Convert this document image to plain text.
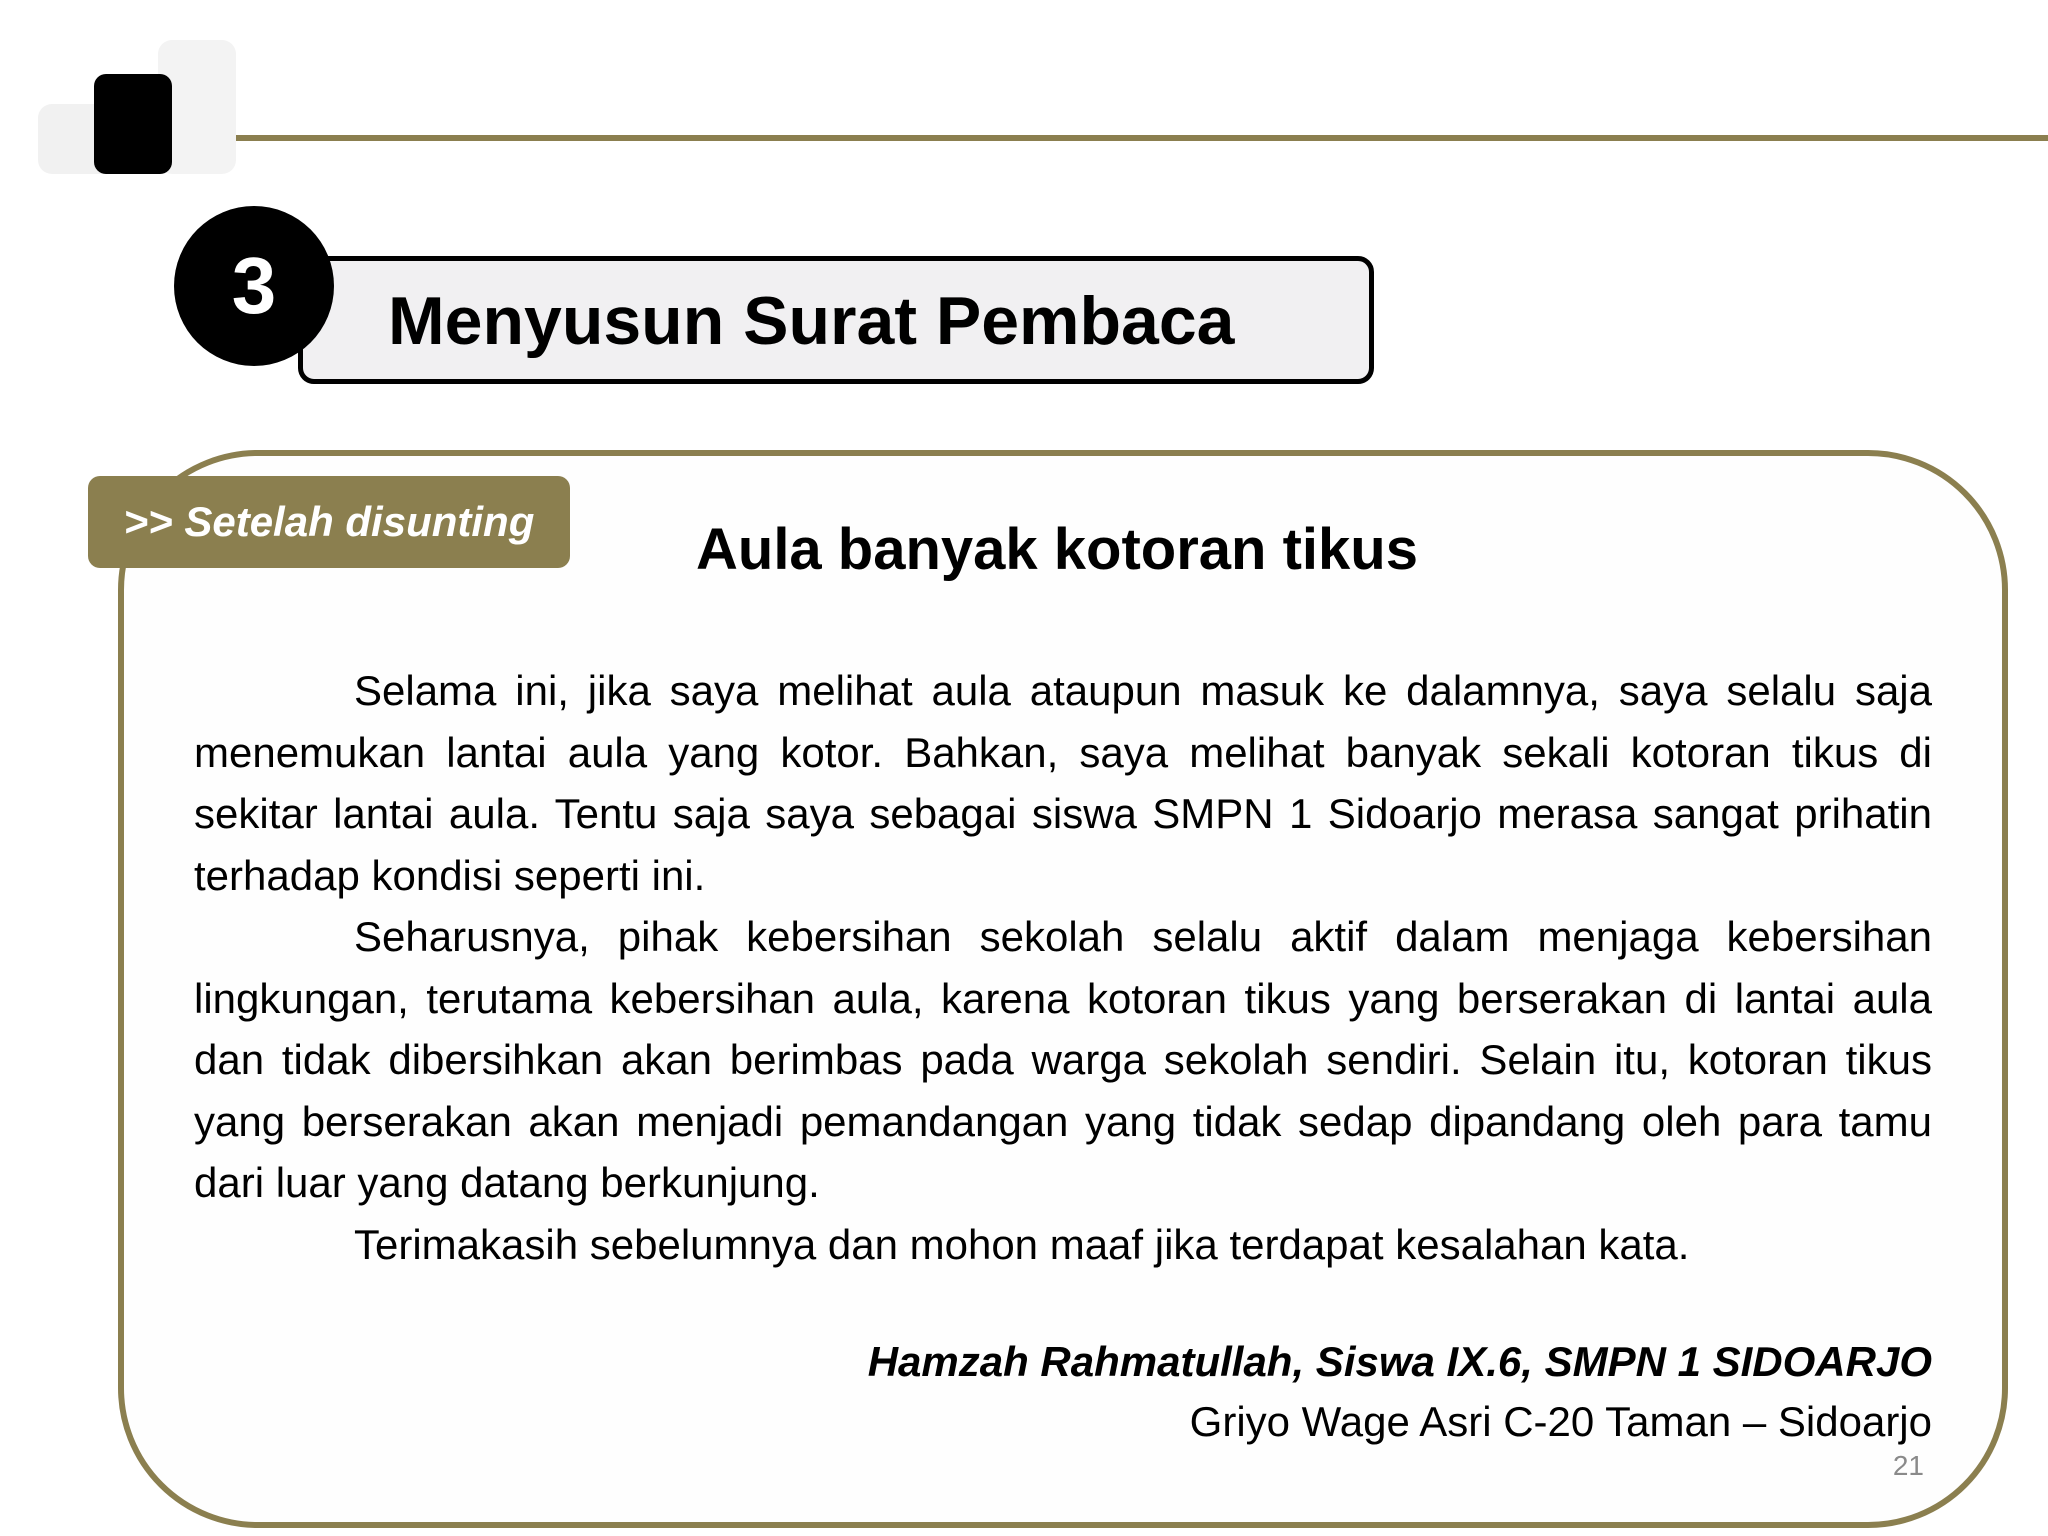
3	Menyusun Surat Pembaca
>> Setelah disunting	Aula banyak kotoran tikus

Selama ini, jika saya melihat aula ataupun masuk ke dalamnya, saya selalu saja menemukan lantai aula yang kotor. Bahkan, saya melihat banyak sekali kotoran tikus di sekitar lantai aula. Tentu saja saya sebagai siswa SMPN 1 Sidoarjo merasa sangat prihatin terhadap kondisi seperti ini.

Seharusnya, pihak kebersihan sekolah selalu aktif dalam menjaga kebersihan lingkungan, terutama kebersihan aula, karena kotoran tikus yang berserakan di lantai aula dan tidak dibersihkan akan berimbas pada warga sekolah sendiri. Selain itu, kotoran tikus yang berserakan akan menjadi pemandangan yang tidak sedap dipandang oleh para tamu dari luar yang datang berkunjung.

Terimakasih sebelumnya dan mohon maaf jika terdapat kesalahan kata.

Hamzah Rahmatullah, Siswa IX.6, SMPN 1 SIDOARJO
Griyo Wage Asri C-20 Taman – Sidoarjo
21
